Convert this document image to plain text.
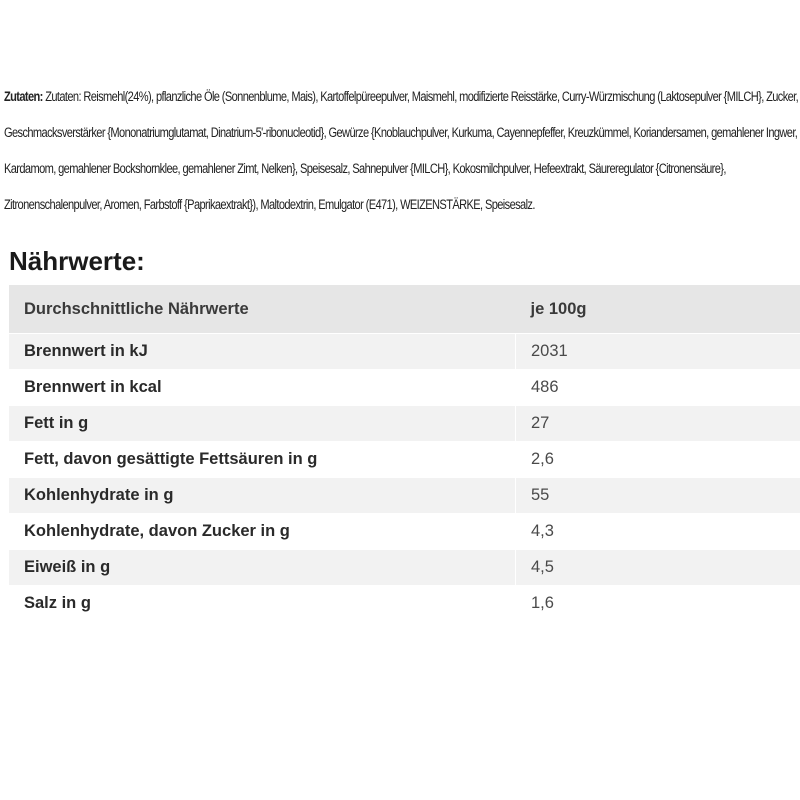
Zutaten: Zutaten: Reismehl(24%), pflanzliche Öle (Sonnenblume, Mais), Kartoffelpüreepulver, Maismehl, modifizierte Reisstärke, Curry-Würzmischung (Laktosepulver {MILCH}, Zucker, Geschmacksverstärker {Mononatriumglutamat, Dinatrium-5'-ribonucleotid}, Gewürze {Knoblauchpulver, Kurkuma, Cayennepfeffer, Kreuzkümmel, Koriandersamen, gemahlener Ingwer, Kardamom, gemahlener Bockshornklee, gemahlener Zimt, Nelken}, Speisesalz, Sahnepulver {MILCH}, Kokosmilchpulver, Hefeextrakt, Säureregulator {Citronensäure}, Zitronenschalenpulver, Aromen, Farbstoff {Paprikaextrakt}), Maltodextrin, Emulgator (E471), WEIZENSTÄRKE, Speisesalz.

Nährwerte:
Durchschnittliche Nährwerte	je 100g
Brennwert in kJ	2031
Brennwert in kcal	486
Fett in g	27
Fett, davon gesättigte Fettsäuren in g	2,6
Kohlenhydrate in g	55
Kohlenhydrate, davon Zucker in g	4,3
Eiweiß in g	4,5
Salz in g	1,6
